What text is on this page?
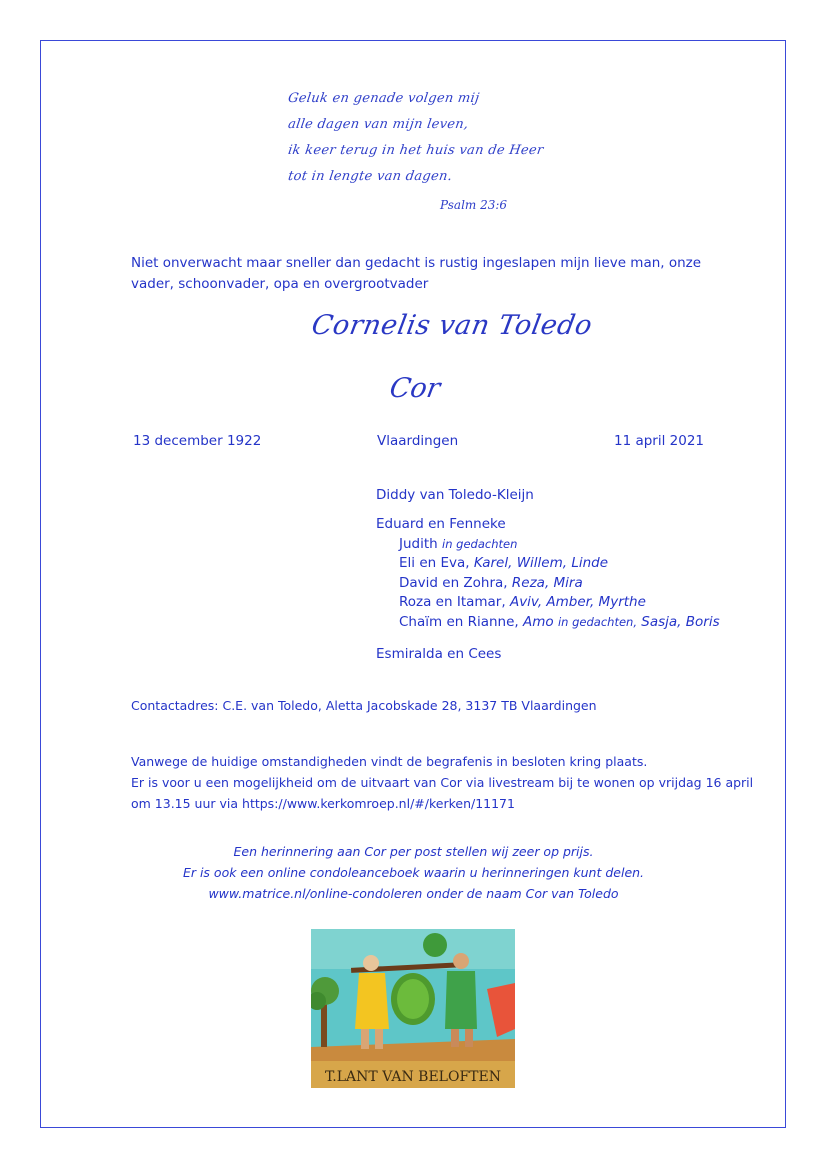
Geluk en genade volgen mij
alle dagen van mijn leven,
ik keer terug in het huis van de Heer
tot in lengte van dagen.
Psalm 23:6
Niet onverwacht maar sneller dan gedacht is rustig ingeslapen mijn lieve man, onze vader, schoonvader, opa en overgrootvader
Cornelis van Toledo
Cor
13 december 1922	Vlaardingen	11 april 2021
Diddy van Toledo-Kleijn
Eduard en Fenneke
Judith in gedachten
Eli en Eva, Karel, Willem, Linde
David en Zohra, Reza, Mira
Roza en Itamar, Aviv, Amber, Myrthe
Chaïm en Rianne, Amo in gedachten, Sasja, Boris
Esmiralda en Cees
Contactadres: C.E. van Toledo, Aletta Jacobskade 28, 3137 TB Vlaardingen
Vanwege de huidige omstandigheden vindt de begrafenis in besloten kring plaats.
Er is voor u een mogelijkheid om de uitvaart van Cor via livestream bij te wonen op vrijdag 16 april
om 13.15 uur via https://www.kerkomroep.nl/#/kerken/11171
Een herinnering aan Cor per post stellen wij zeer op prijs.
Er is ook een online condoleanceboek waarin u herinneringen kunt delen.
www.matrice.nl/online-condoleren onder de naam Cor van Toledo
T.LANT VAN BELOFTEN
